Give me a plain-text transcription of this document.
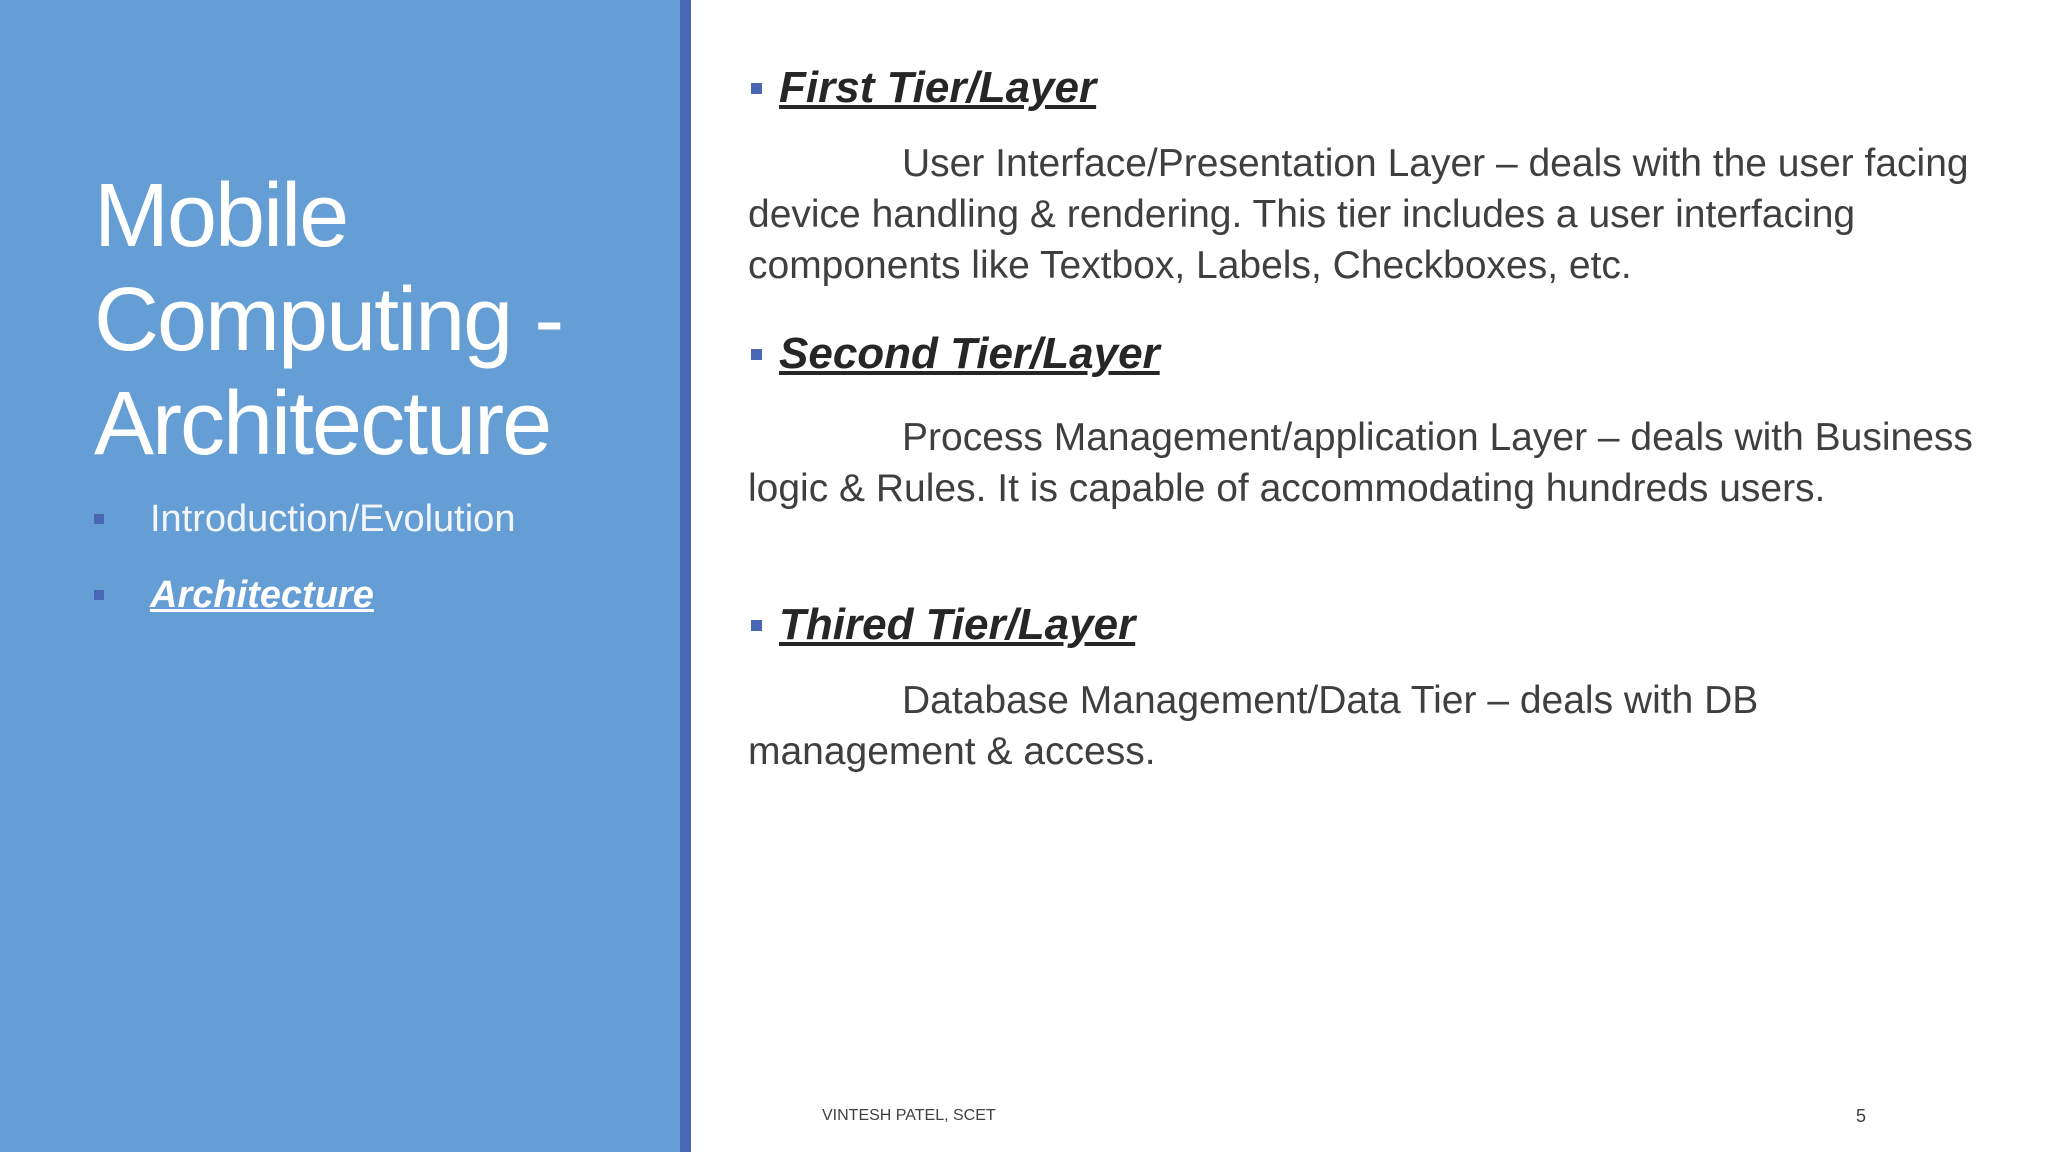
Mobile Computing - Architecture
Introduction/Evolution
Architecture
First Tier/Layer

User Interface/Presentation Layer – deals with the user facing device handling & rendering. This tier includes a user interfacing components like Textbox, Labels, Checkboxes, etc.

Second Tier/Layer

Process Management/application Layer – deals with Business logic & Rules. It is capable of accommodating hundreds users.

Thired Tier/Layer

Database Management/Data Tier – deals with DB management & access.

VINTESH PATEL, SCET	5
